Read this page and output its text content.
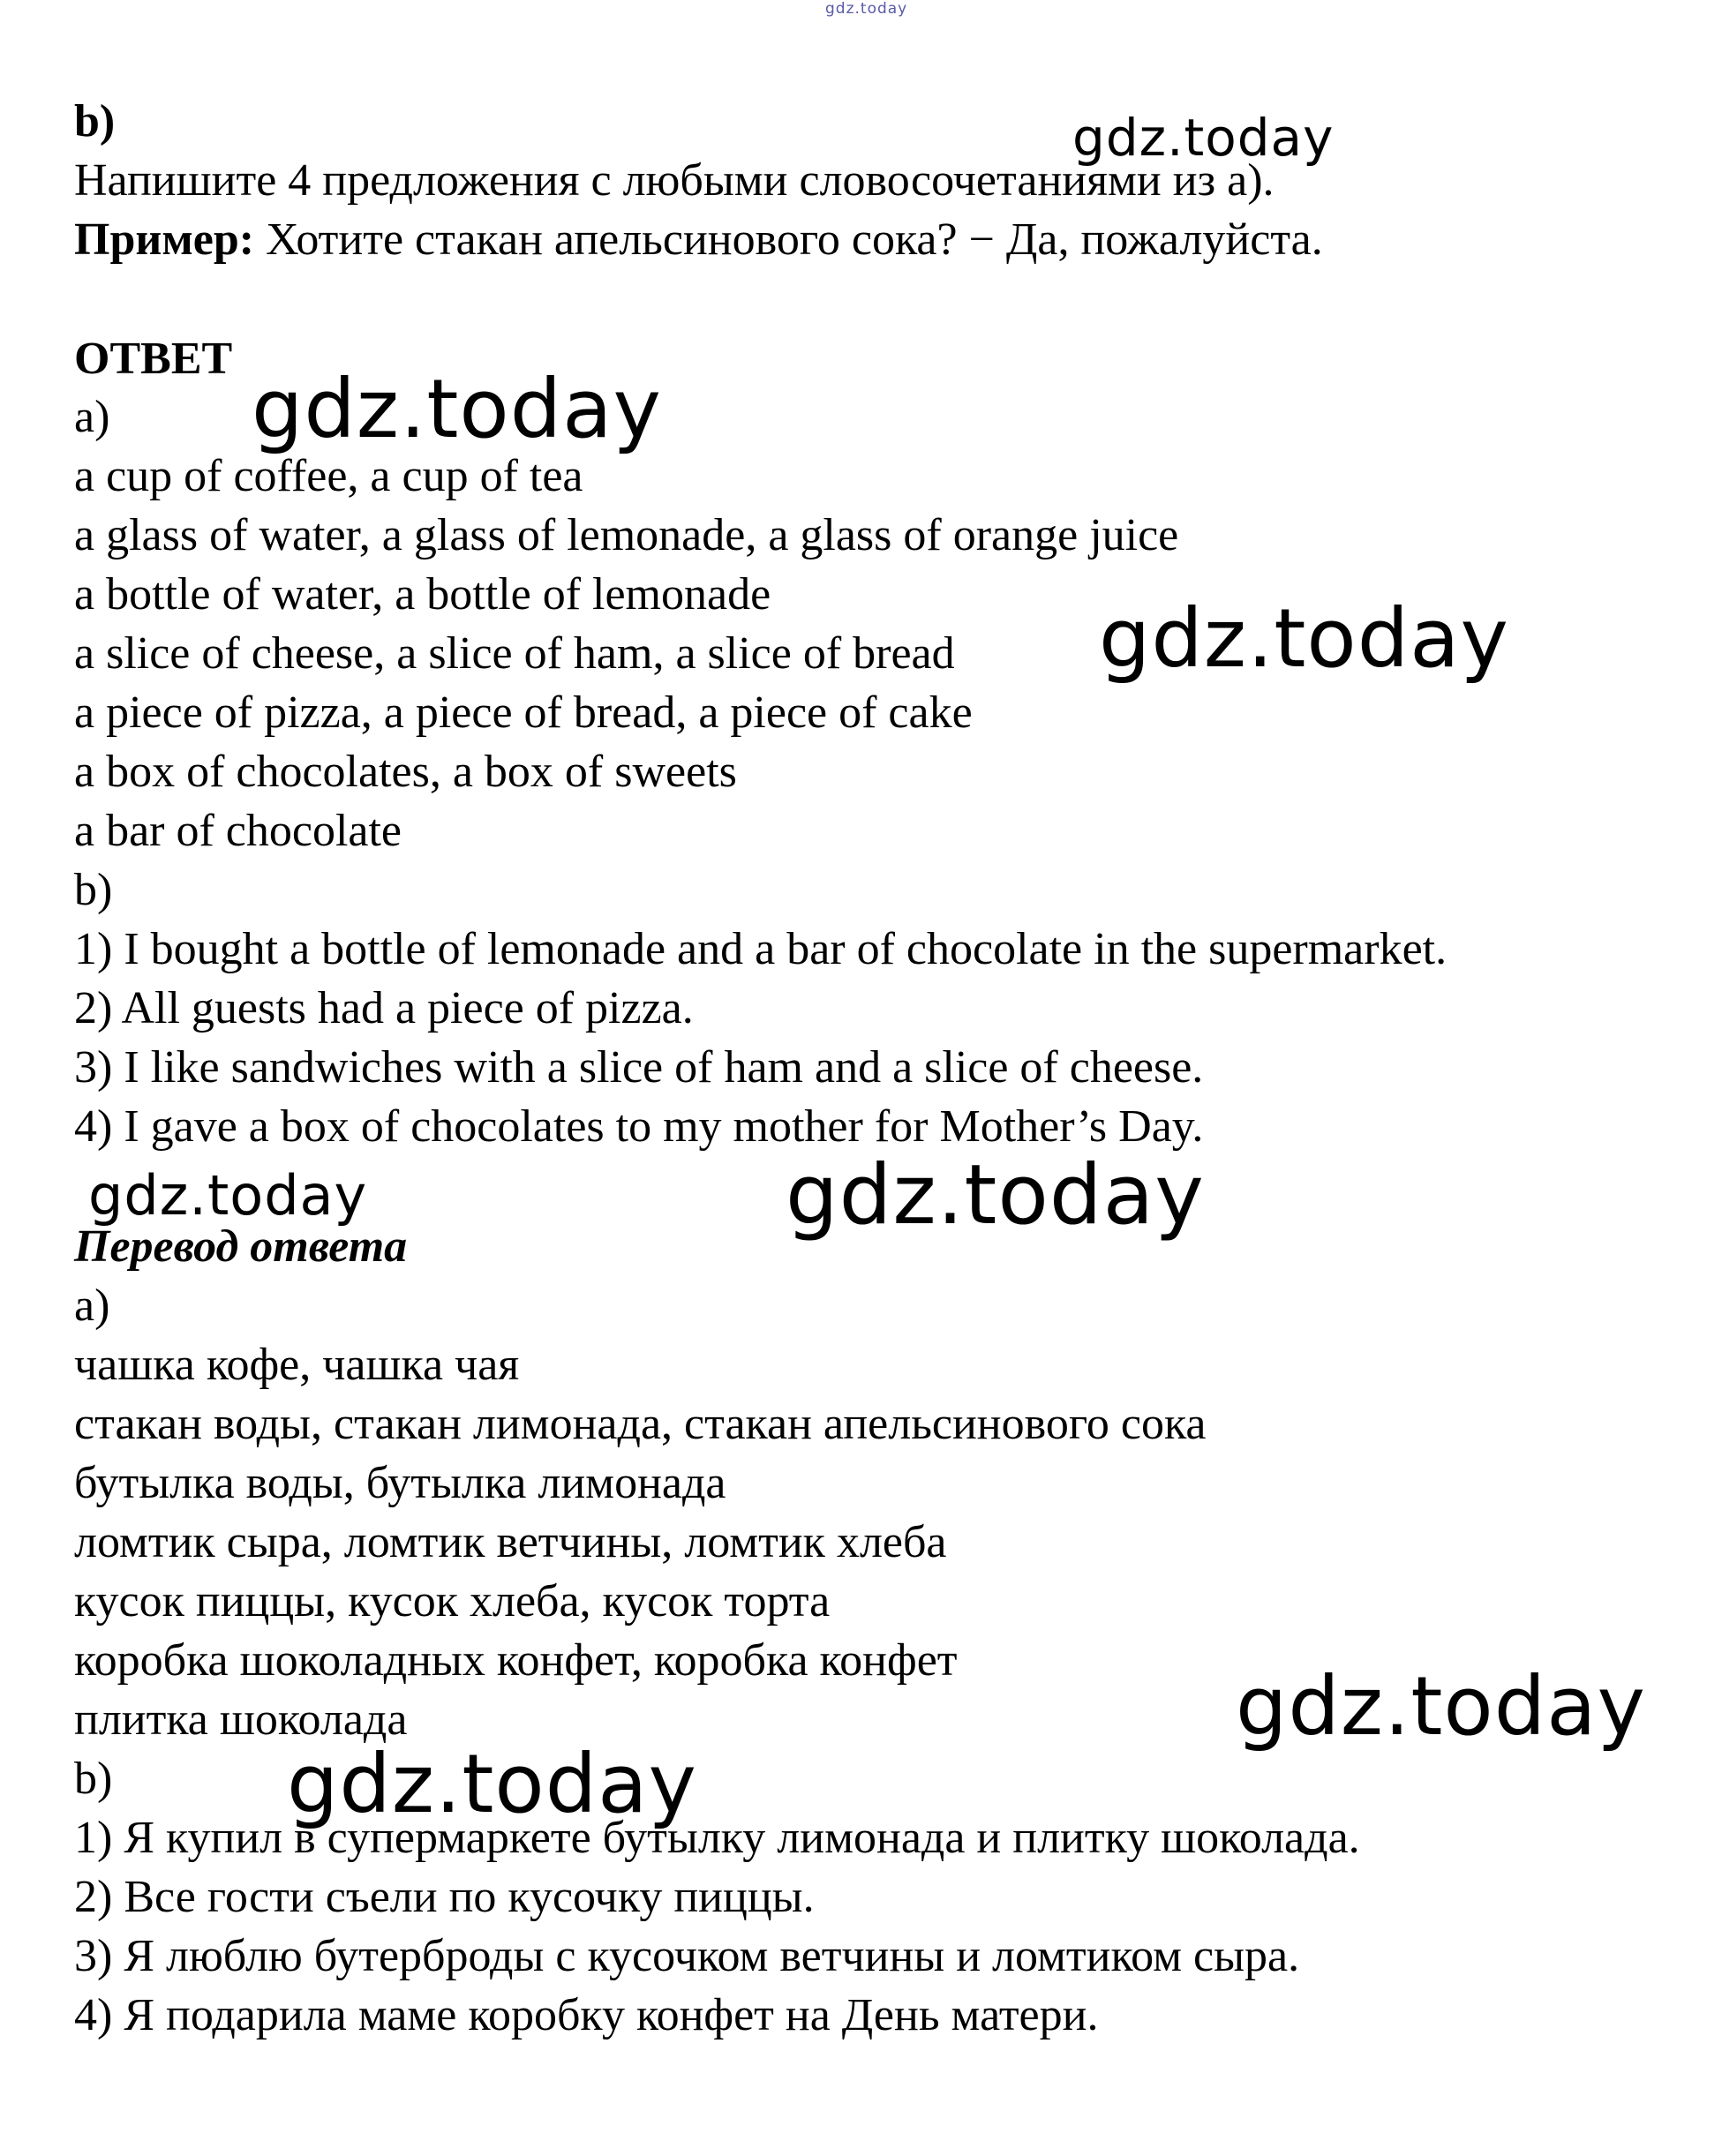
gdz.today
b)
Напишите 4 предложения с любыми словосочетаниями из а).
Пример: Хотите стакан апельсинового сока? − Да, пожалуйста.
ОТВЕТ
а)
a cup of coffee, a cup of tea
a glass of water, a glass of lemonade, a glass of orange juice
a bottle of water, a bottle of lemonade
a slice of cheese, a slice of ham, a slice of bread
a piece of pizza, a piece of bread, a piece of cake
a box of chocolates, a box of sweets
a bar of chocolate
b)
1) I bought a bottle of lemonade and a bar of chocolate in the supermarket.
2) All guests had a piece of pizza.
3) I like sandwiches with a slice of ham and a slice of cheese.
4) I gave a box of chocolates to my mother for Mother’s Day.
Перевод ответа
а)
чашка кофе, чашка чая
стакан воды, стакан лимонада, стакан апельсинового сока
бутылка воды, бутылка лимонада
ломтик сыра, ломтик ветчины, ломтик хлеба
кусок пиццы, кусок хлеба, кусок торта
коробка шоколадных конфет, коробка конфет
плитка шоколада
b)
1) Я купил в супермаркете бутылку лимонада и плитку шоколада.
2) Все гости съели по кусочку пиццы.
3) Я люблю бутерброды с кусочком ветчины и ломтиком сыра.
4) Я подарила маме коробку конфет на День матери.
gdz.today
gdz.today
gdz.today
gdz.today	gdz.today
gdz.today
gdz.today
